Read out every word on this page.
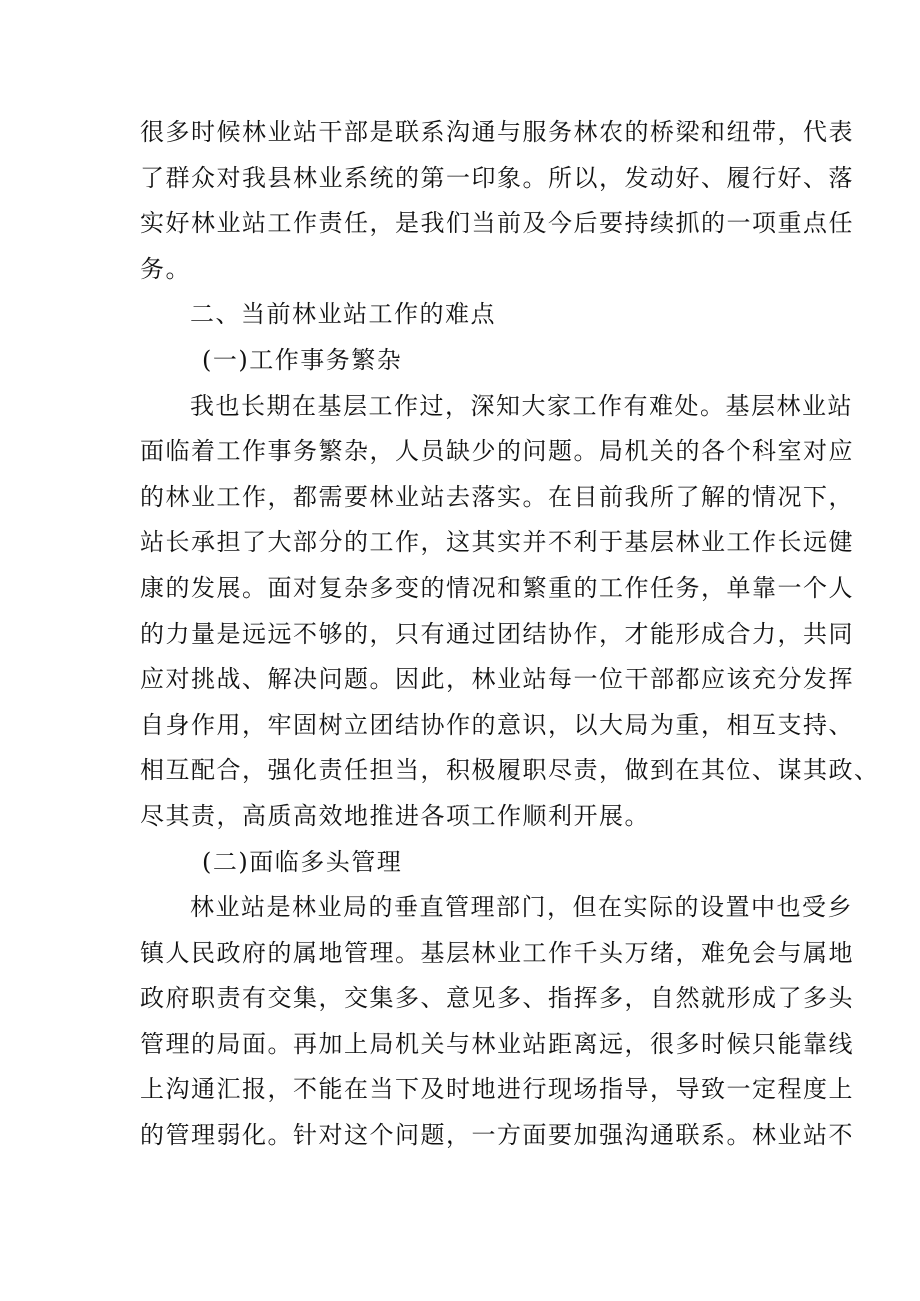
很多时候林业站干部是联系沟通与服务林农的桥梁和纽带，代表
了群众对我县林业系统的第一印象。所以，发动好、履行好、落
实好林业站工作责任，是我们当前及今后要持续抓的一项重点任
务。
二、当前林业站工作的难点
(一)工作事务繁杂
我也长期在基层工作过，深知大家工作有难处。基层林业站
面临着工作事务繁杂，人员缺少的问题。局机关的各个科室对应
的林业工作，都需要林业站去落实。在目前我所了解的情况下，
站长承担了大部分的工作，这其实并不利于基层林业工作长远健
康的发展。面对复杂多变的情况和繁重的工作任务，单靠一个人
的力量是远远不够的，只有通过团结协作，才能形成合力，共同
应对挑战、解决问题。因此，林业站每一位干部都应该充分发挥
自身作用，牢固树立团结协作的意识，以大局为重，相互支持、
相互配合，强化责任担当，积极履职尽责，做到在其位、谋其政、
尽其责，高质高效地推进各项工作顺利开展。
(二)面临多头管理
林业站是林业局的垂直管理部门，但在实际的设置中也受乡
镇人民政府的属地管理。基层林业工作千头万绪，难免会与属地
政府职责有交集，交集多、意见多、指挥多，自然就形成了多头
管理的局面。再加上局机关与林业站距离远，很多时候只能靠线
上沟通汇报，不能在当下及时地进行现场指导，导致一定程度上
的管理弱化。针对这个问题，一方面要加强沟通联系。林业站不
